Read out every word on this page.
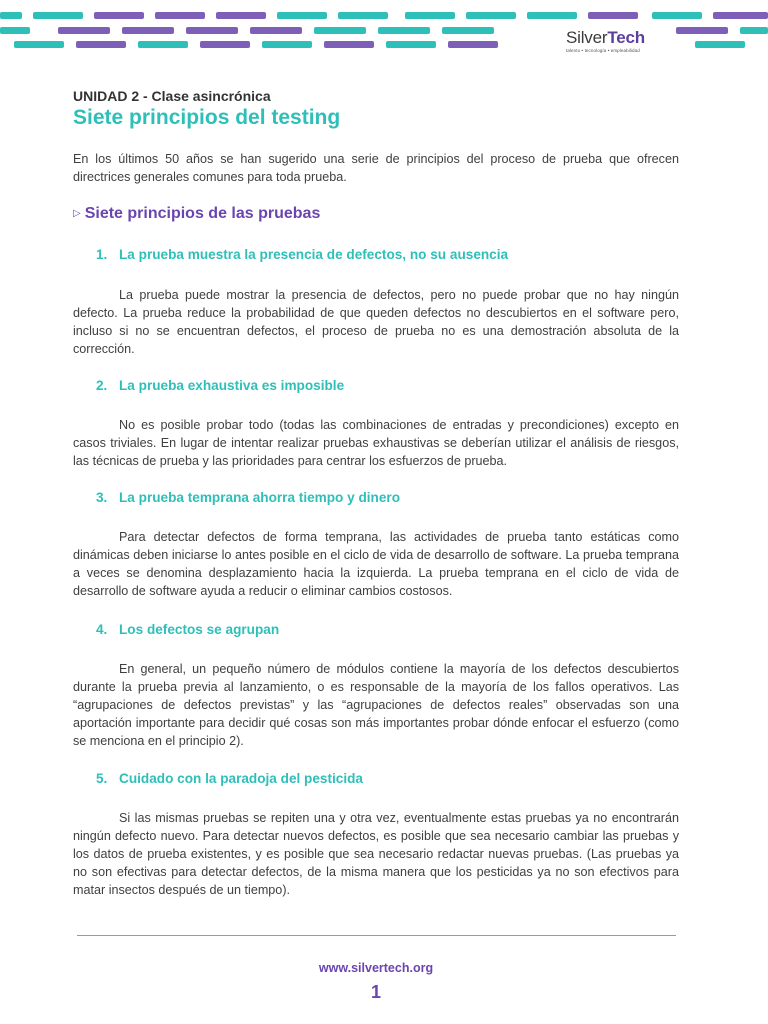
SilverTech
talento • tecnología • empleabilidad
UNIDAD 2 - Clase asincrónica
Siete principios del testing

En los últimos 50 años se han sugerido una serie de principios del proceso de prueba que ofrecen directrices generales comunes para toda prueba.

▷ Siete principios de las pruebas
1. La prueba muestra la presencia de defectos, no su ausencia

La prueba puede mostrar la presencia de defectos, pero no puede probar que no hay ningún defecto. La prueba reduce la probabilidad de que queden defectos no descubiertos en el software pero, incluso si no se encuentran defectos, el proceso de prueba no es una demostración absoluta de la corrección.

2. La prueba exhaustiva es imposible

No es posible probar todo (todas las combinaciones de entradas y precondiciones) excepto en casos triviales. En lugar de intentar realizar pruebas exhaustivas se deberían utilizar el análisis de riesgos, las técnicas de prueba y las prioridades para centrar los esfuerzos de prueba.

3. La prueba temprana ahorra tiempo y dinero

Para detectar defectos de forma temprana, las actividades de prueba tanto estáticas como dinámicas deben iniciarse lo antes posible en el ciclo de vida de desarrollo de software. La prueba temprana a veces se denomina desplazamiento hacia la izquierda. La prueba temprana en el ciclo de vida de desarrollo de software ayuda a reducir o eliminar cambios costosos.

4. Los defectos se agrupan

En general, un pequeño número de módulos contiene la mayoría de los defectos descubiertos durante la prueba previa al lanzamiento, o es responsable de la mayoría de los fallos operativos. Las “agrupaciones de defectos previstas” y las “agrupaciones de defectos reales” observadas son una aportación importante para decidir qué cosas son más importantes probar dónde enfocar el esfuerzo (como se menciona en el principio 2).

5. Cuidado con la paradoja del pesticida

Si las mismas pruebas se repiten una y otra vez, eventualmente estas pruebas ya no encontrarán ningún defecto nuevo. Para detectar nuevos defectos, es posible que sea necesario cambiar las pruebas y los datos de prueba existentes, y es posible que sea necesario redactar nuevas pruebas. (Las pruebas ya no son efectivas para detectar defectos, de la misma manera que los pesticidas ya no son efectivos para matar insectos después de un tiempo).

www.silvertech.org
1
